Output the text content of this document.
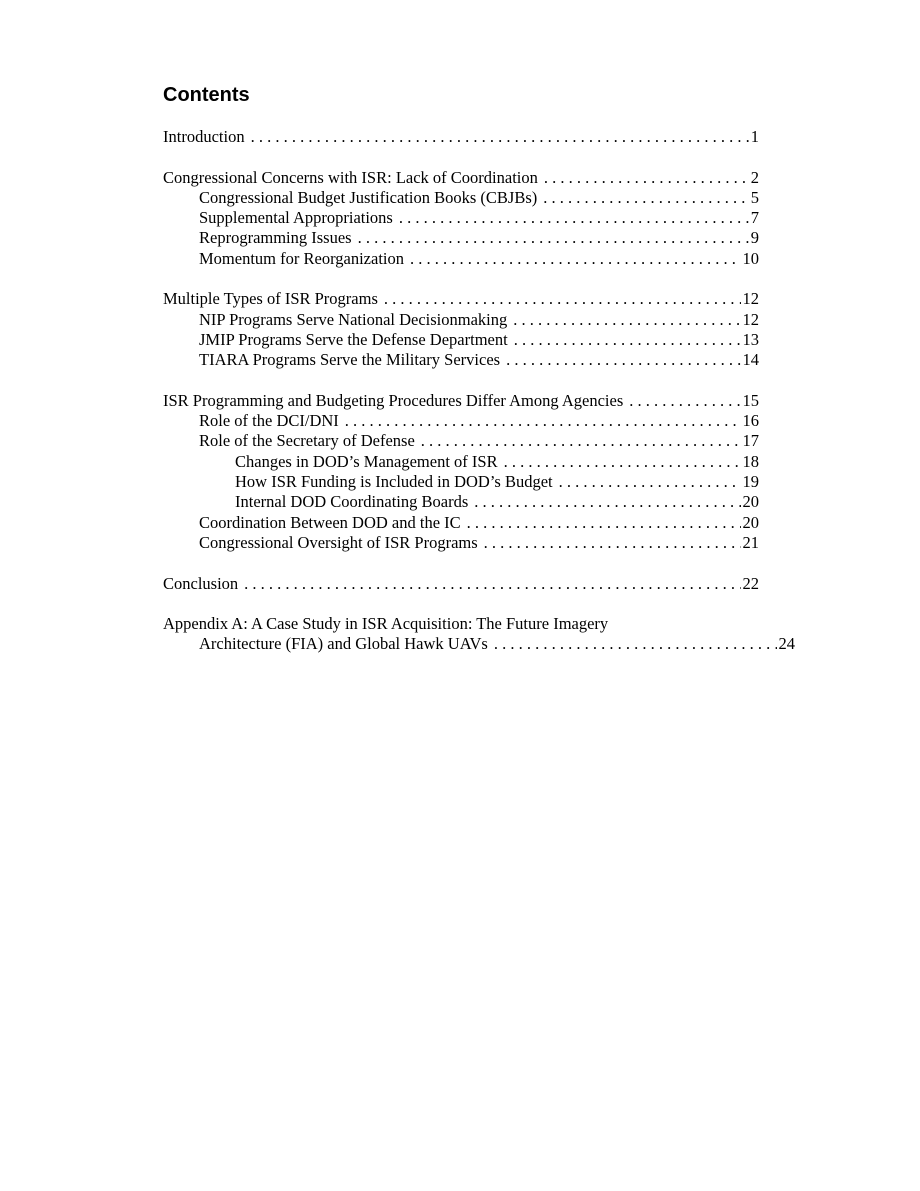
Contents
Introduction . . .	1
Congressional Concerns with ISR: Lack of Coordination . . .	2
Congressional Budget Justification Books (CBJBs) . . .	5
Supplemental Appropriations . . .	7
Reprogramming Issues . . .	9
Momentum for Reorganization . . .	10
Multiple Types of ISR Programs . . .	12
NIP Programs Serve National Decisionmaking . . .	12
JMIP Programs Serve the Defense Department . . .	13
TIARA Programs Serve the Military Services . . .	14
ISR Programming and Budgeting Procedures Differ Among Agencies . . .	15
Role of the DCI/DNI . . .	16
Role of the Secretary of Defense . . .	17
Changes in DOD’s Management of ISR . . .	18
How ISR Funding is Included in DOD’s Budget . . .	19
Internal DOD Coordinating Boards . . .	20
Coordination Between DOD and the IC . . .	20
Congressional Oversight of ISR Programs . . .	21
Conclusion . . .	22
Appendix A: A Case Study in ISR Acquisition: The Future Imagery
Architecture (FIA) and Global Hawk UAVs . . .	24
